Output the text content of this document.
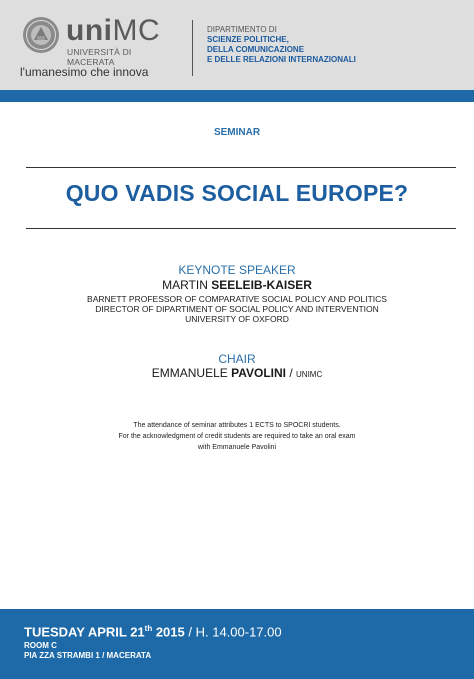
uniMC
UNIVERSITÀ DI MACERATA
l'umanesimo che innova
DIPARTIMENTO DI
SCIENZE POLITICHE,
DELLA COMUNICAZIONE
E DELLE RELAZIONI INTERNAZIONALI
SEMINAR
QUO VADIS SOCIAL EUROPE?
KEYNOTE SPEAKER
MARTIN SEELEIB-KAISER
BARNETT PROFESSOR OF COMPARATIVE SOCIAL POLICY AND POLITICS
DIRECTOR OF DIPARTIMENT OF SOCIAL POLICY AND INTERVENTION
UNIVERSITY OF OXFORD
CHAIR
EMMANUELE PAVOLINI / UNIMC
The attendance of seminar attributes 1 ECTS to SPOCRI students.
For the acknowledgment of credit students are required to take an oral exam
with Emmanuele Pavolini
TUESDAY APRIL 21th 2015 / H. 14.00-17.00
ROOM C
PIA ZZA STRAMBI 1 / MACERATA
